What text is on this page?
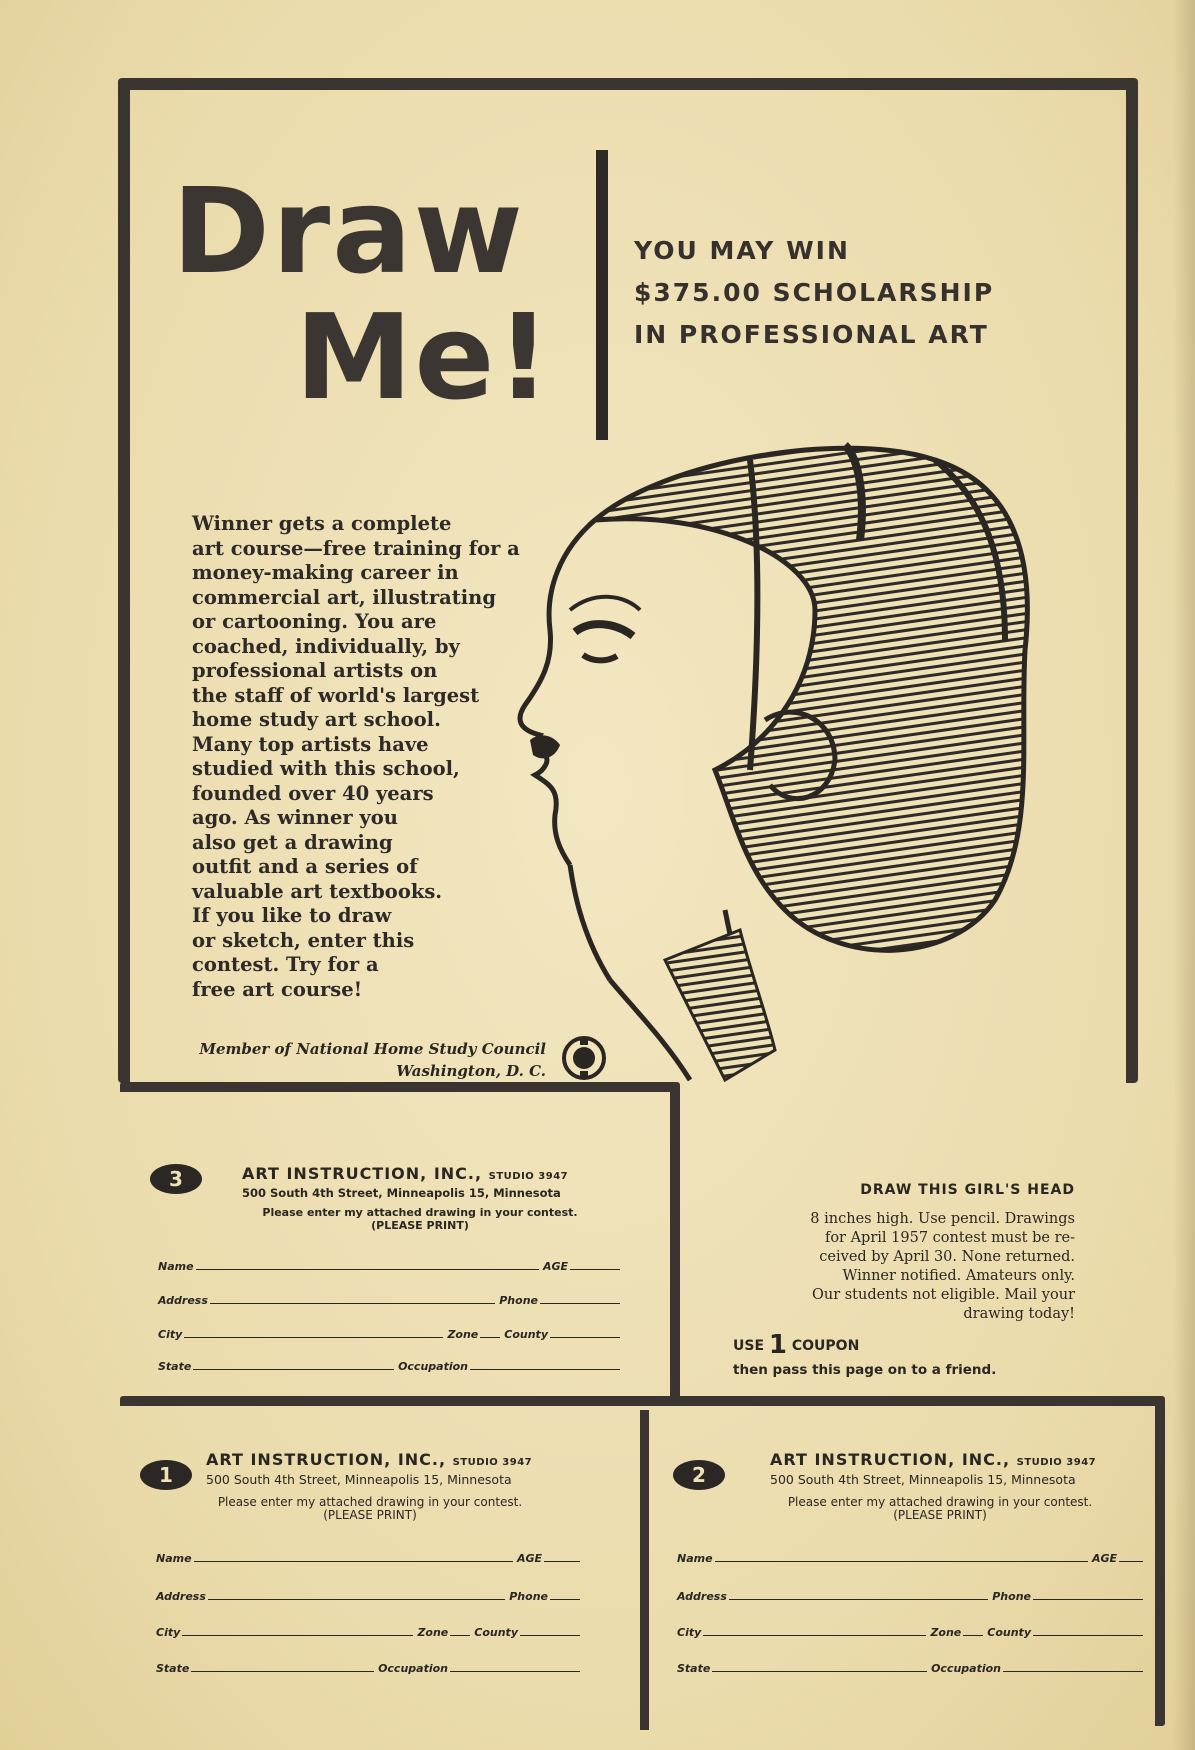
Draw
Me!
YOU MAY WIN
$375.00 SCHOLARSHIP
IN PROFESSIONAL ART
Winner gets a complete
art course—free training for a
money-making career in
commercial art, illustrating
or cartooning. You are
coached, individually, by
professional artists on
the staff of world's largest
home study art school.
Many top artists have
studied with this school,
founded over 40 years
ago. As winner you
also get a drawing
outfit and a series of
valuable art textbooks.
If you like to draw
or sketch, enter this
contest. Try for a
free art course!
Member of National Home Study Council
Washington, D. C.
DRAW THIS GIRL'S HEAD
8 inches high. Use pencil. Drawings
for April 1957 contest must be re-
ceived by April 30. None returned.
Winner notified. Amateurs only.
Our students not eligible. Mail your
drawing today!
USE 1 COUPON
then pass this page on to a friend.
3	ART INSTRUCTION, INC., STUDIO 3947
500 South 4th Street, Minneapolis 15, Minnesota
Please enter my attached drawing in your contest.
(PLEASE PRINT)
Name	AGE
Address	Phone
City	Zone County
State	Occupation
1
ART INSTRUCTION, INC., STUDIO 3947
500 South 4th Street, Minneapolis 15, Minnesota
Please enter my attached drawing in your contest.
(PLEASE PRINT)
Name	AGE
Address	Phone
City	Zone County
State	Occupation
2
ART INSTRUCTION, INC., STUDIO 3947
500 South 4th Street, Minneapolis 15, Minnesota
Please enter my attached drawing in your contest.
(PLEASE PRINT)
Name	AGE
Address	Phone
City	Zone County
State	Occupation
